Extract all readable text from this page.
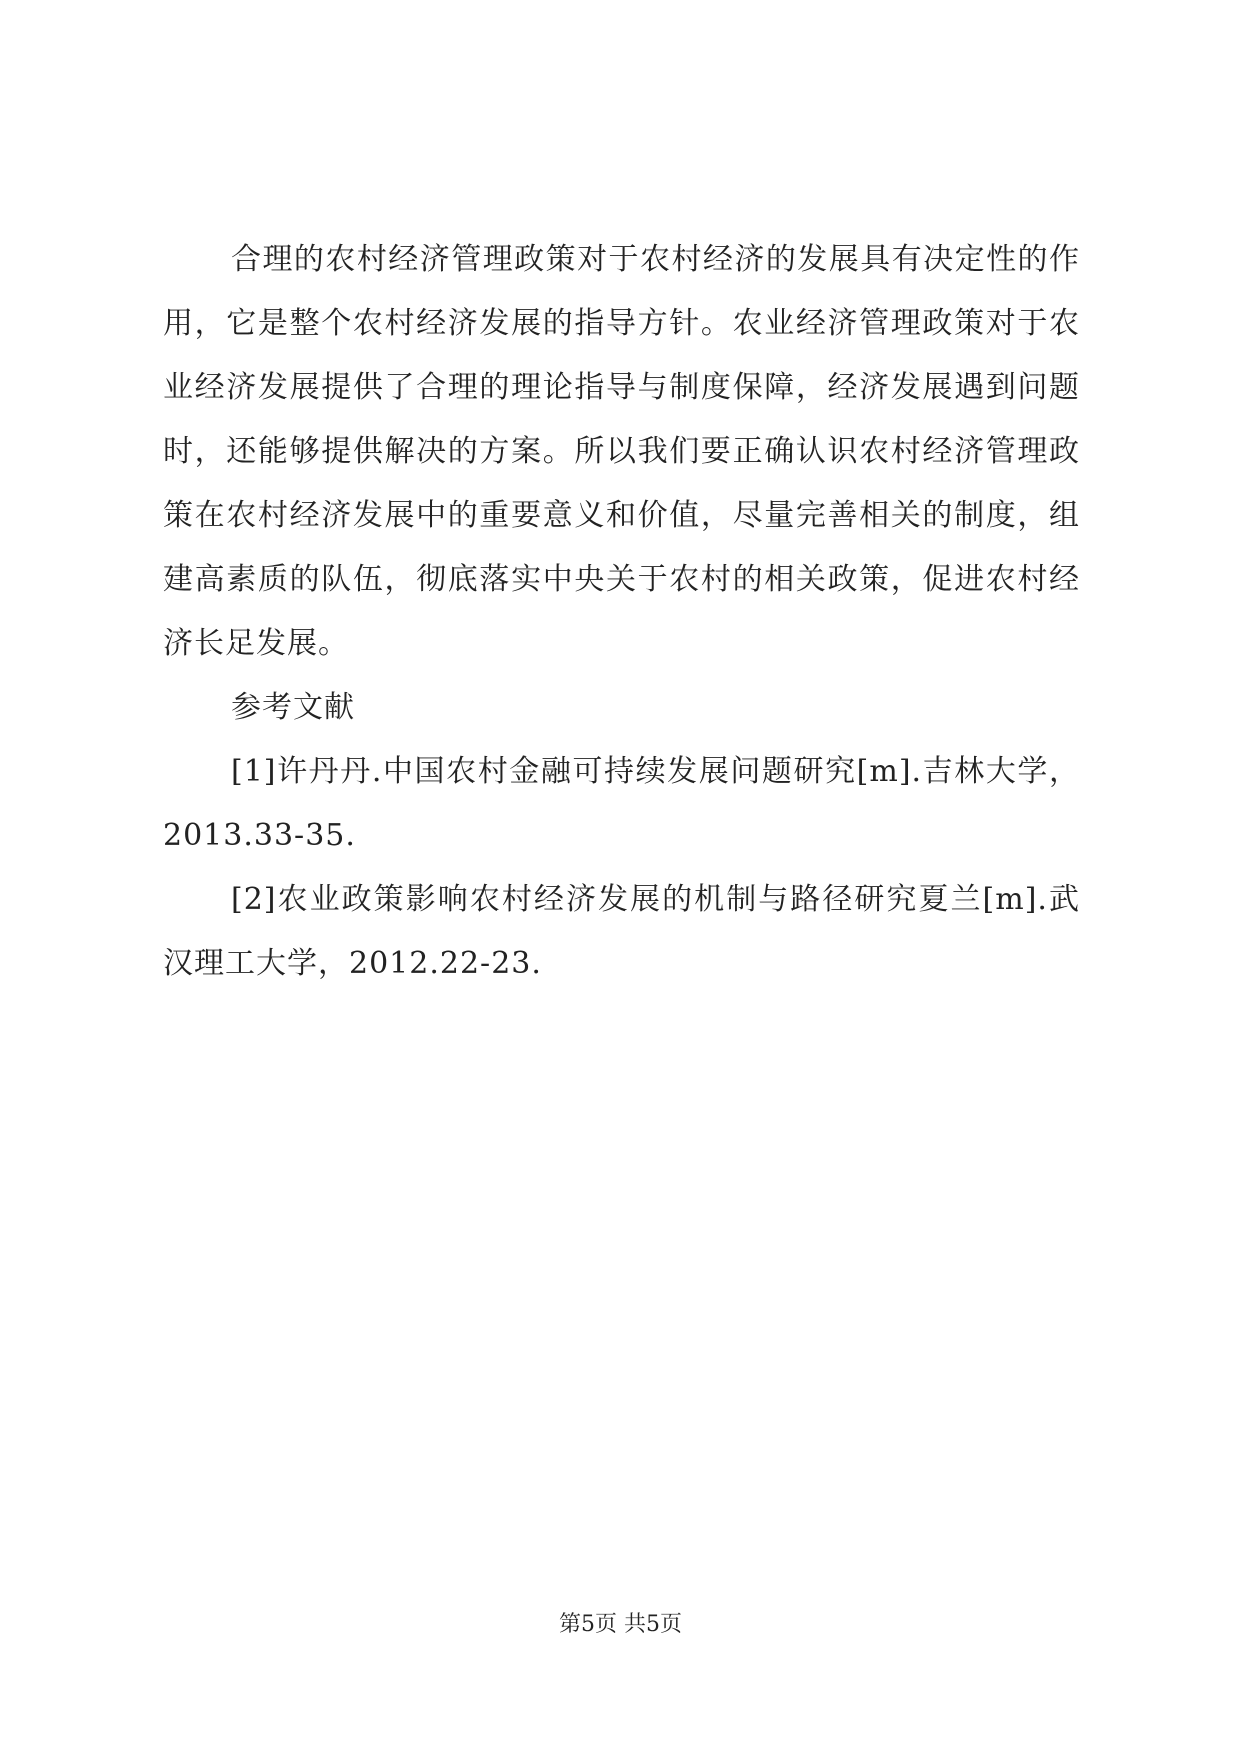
合理的农村经济管理政策对于农村经济的发展具有决定性的作用，它是整个农村经济发展的指导方针。农业经济管理政策对于农业经济发展提供了合理的理论指导与制度保障，经济发展遇到问题时，还能够提供解决的方案。所以我们要正确认识农村经济管理政策在农村经济发展中的重要意义和价值，尽量完善相关的制度，组建高素质的队伍，彻底落实中央关于农村的相关政策，促进农村经济长足发展。

参考文献

[1]许丹丹.中国农村金融可持续发展问题研究[m].吉林大学，2013.33-35.

[2]农业政策影响农村经济发展的机制与路径研究夏兰[m].武汉理工大学，2012.22-23.

第5页 共5页
